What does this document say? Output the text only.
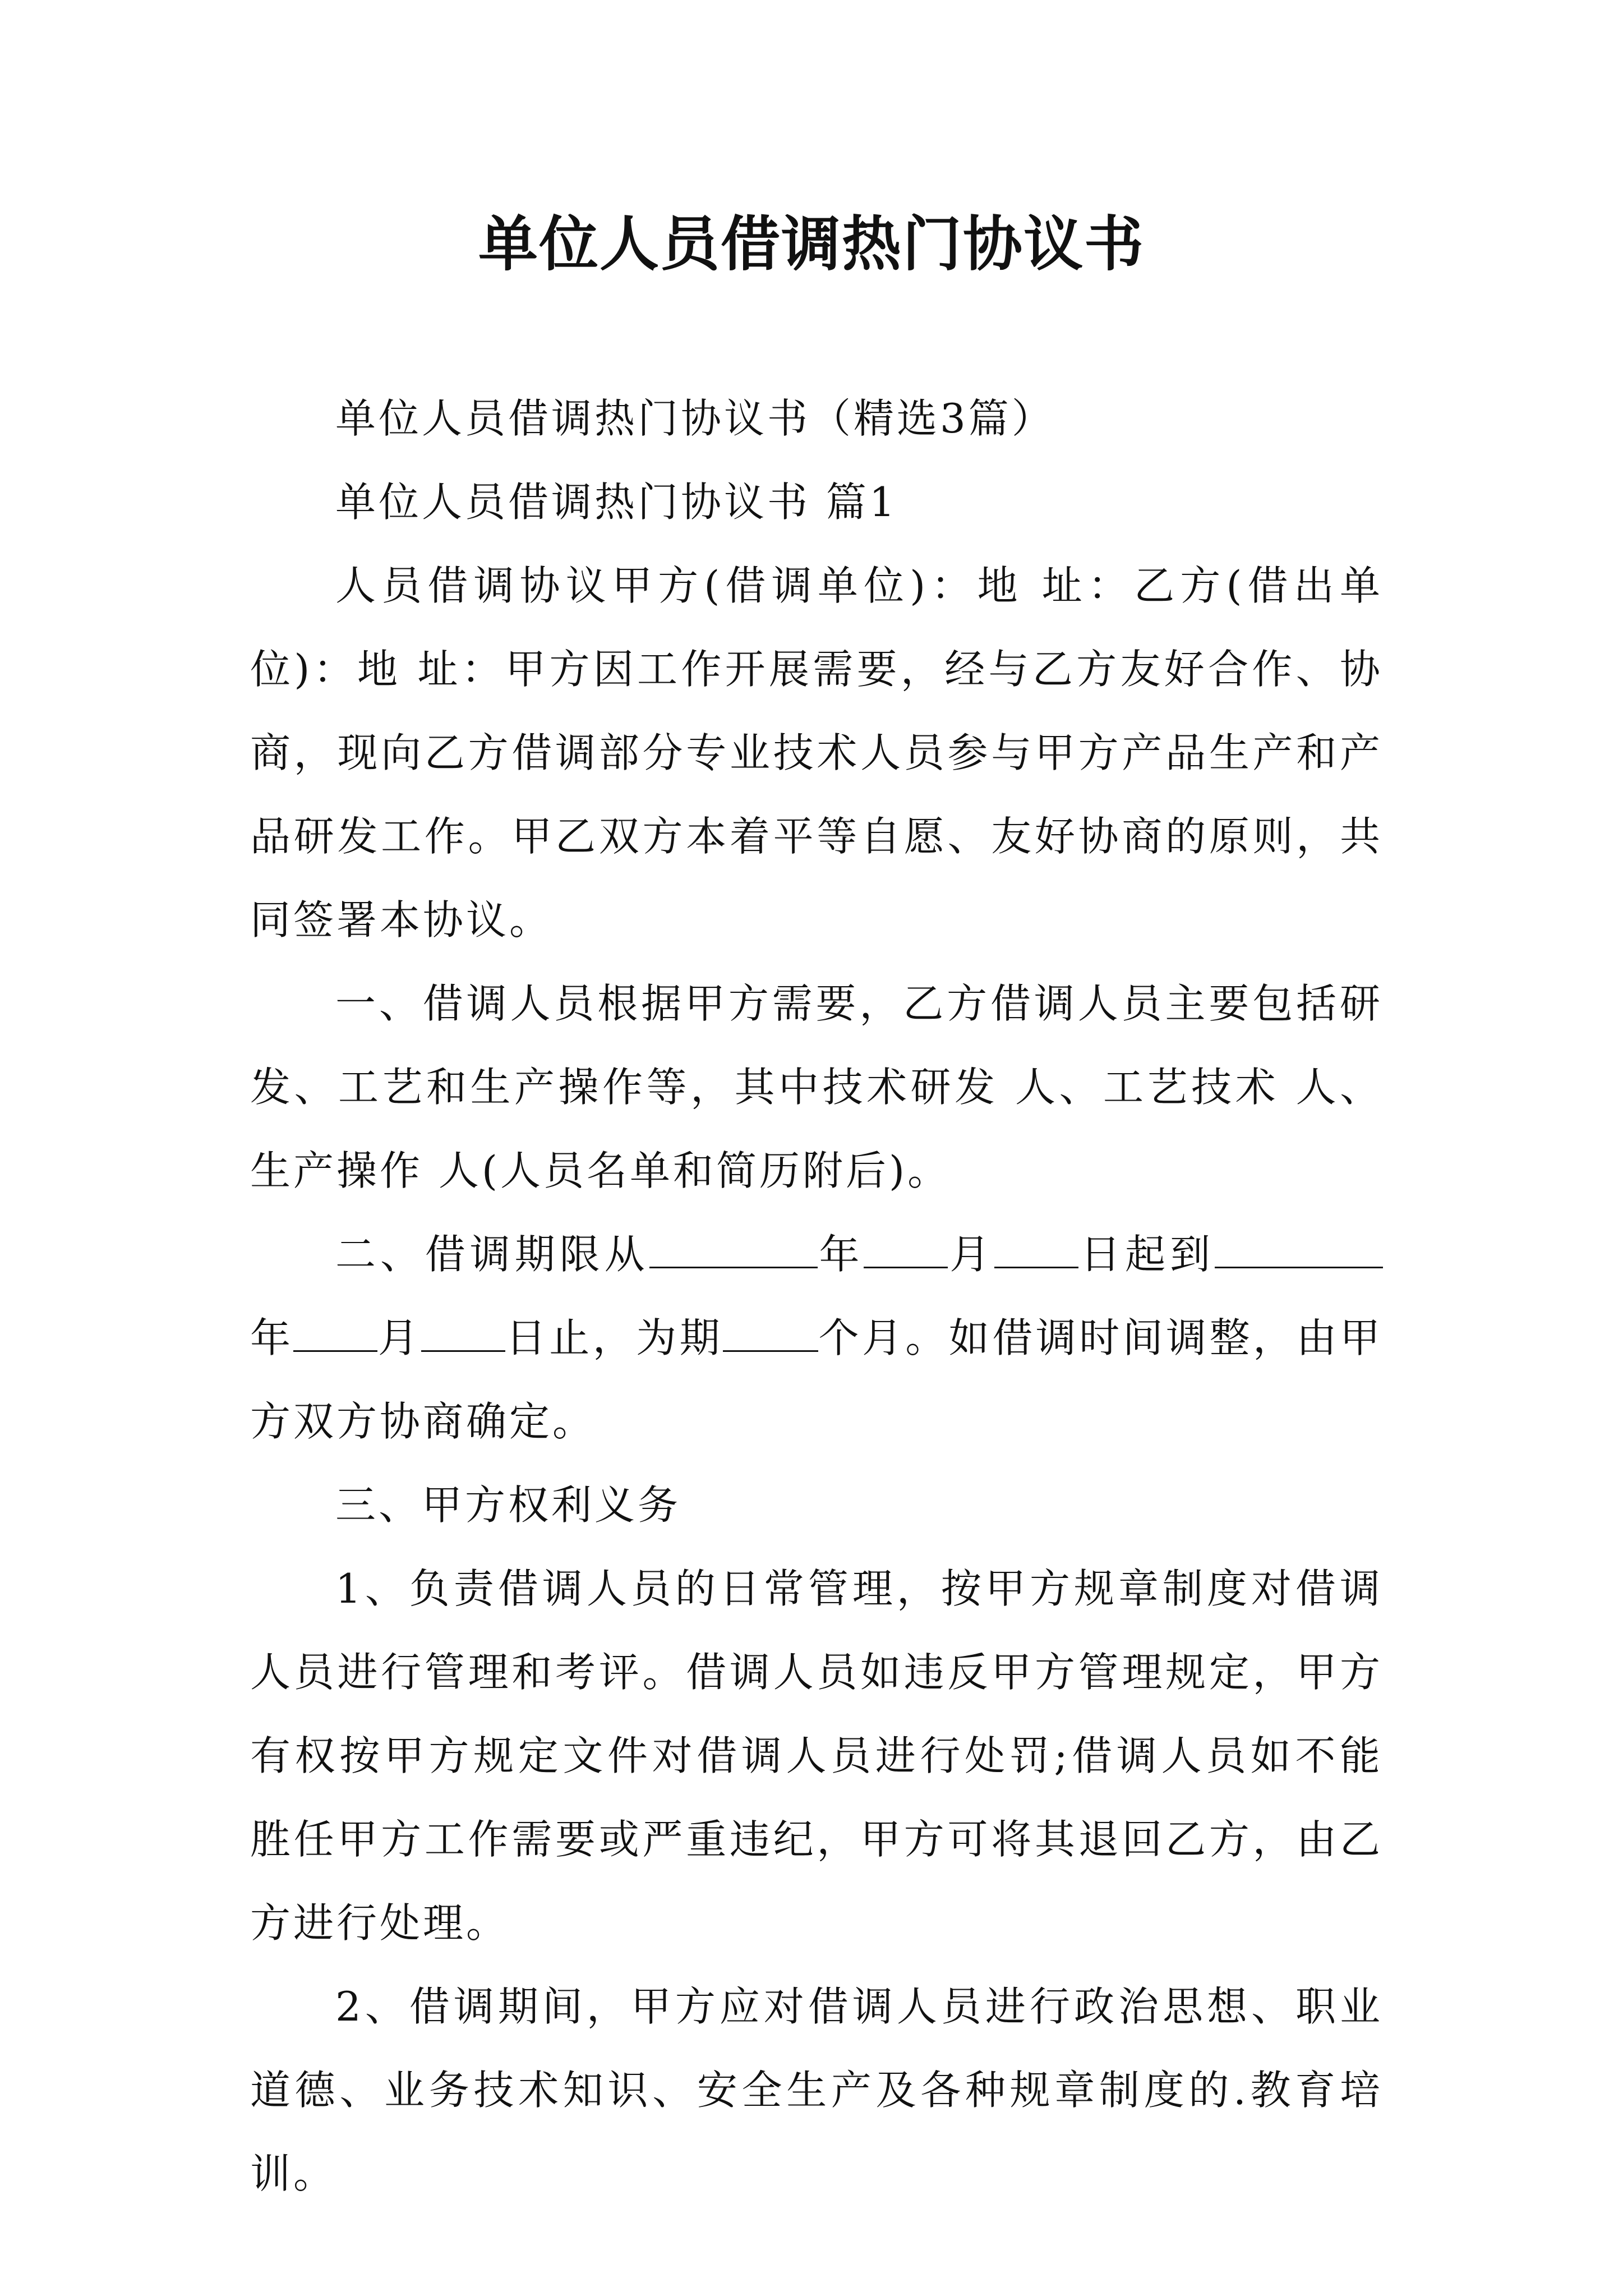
单位人员借调热门协议书

单位人员借调热门协议书（精选3篇）

单位人员借调热门协议书 篇1

人员借调协议甲方(借调单位)：地 址：乙方(借出单位)：地 址：甲方因工作开展需要，经与乙方友好合作、协商，现向乙方借调部分专业技术人员参与甲方产品生产和产品研发工作。甲乙双方本着平等自愿、友好协商的原则，共同签署本协议。

一、借调人员根据甲方需要，乙方借调人员主要包括研发、工艺和生产操作等，其中技术研发 人、工艺技术 人、生产操作 人(人员名单和简历附后)。

二、借调期限从	年 月 日起到年 月 日止，为期 个月。如借调时间调整，由甲方双方协商确定。

三、甲方权利义务

1、负责借调人员的日常管理，按甲方规章制度对借调人员进行管理和考评。借调人员如违反甲方管理规定，甲方有权按甲方规定文件对借调人员进行处罚;借调人员如不能胜任甲方工作需要或严重违纪，甲方可将其退回乙方，由乙方进行处理。

2、借调期间，甲方应对借调人员进行政治思想、职业道德、业务技术知识、安全生产及各种规章制度的.教育培训。
